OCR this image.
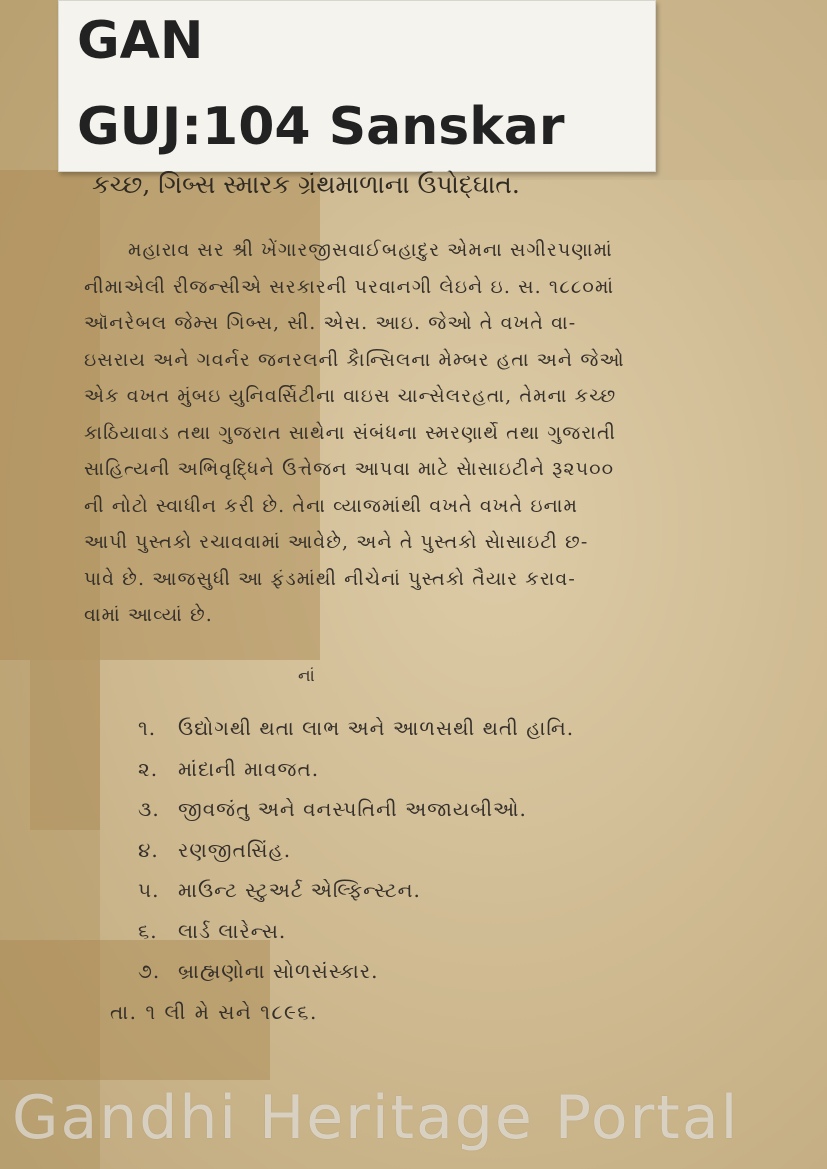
GAN
GUJ:104 Sanskar
કચ્છ, ગિબ્સ સ્મારક ગ્રંથમાળાના ઉપોદ્ઘાત.
મહારાવ સર શ્રી ખેંગારજીસવાઈબહાદુર એમના સગીરપણામાં
નીમાએલી રીજન્સીએ સરકારની પરવાનગી લેઇને ઇ. સ. ૧૮૮૦માં
ઑનરેબલ જેમ્સ ગિબ્સ, સી. એસ. આઇ. જેઓ તે વખતે વા-
ઇસરાય અને ગવર્નર જનરલની કૈાન્સિલના મેમ્બર હતા અને જેઓ
એક વખત મુંબઇ યુનિવર્સિટીના વાઇસ ચાન્સેલરહતા, તેમના કચ્છ
કાઠિયાવાડ તથા ગુજરાત સાથેના સંબંધના સ્મરણાર્થે તથા ગુજરાતી
સાહિત્યની અભિવૃદ્ધિને ઉત્તેજન આપવા માટે સેાસાઇટીને રૂ૨૫૦૦
ની નોટો સ્વાધીન કરી છે. તેના વ્યાજમાંથી વખતે વખતે ઇનામ
આપી પુસ્તકો રચાવવામાં આવેછે, અને તે પુસ્તકો સેાસાઇટી છ-
પાવે છે. આજસુધી આ ફંડમાંથી નીચેનાં પુસ્તકો તૈયાર કરાવ-
વામાં આવ્યાં છે.
નાં
૧. ઉદ્યોગથી થતા લાભ અને આળસથી થતી હાનિ.
૨. માંદાની માવજત.
૩. જીવજંતુ અને વનસ્પતિની અજાયબીઓ.
૪. રણજીતસિંહ.
૫. માઉન્ટ સ્ટુઅર્ટ એલ્ફિન્સ્ટન.
૬. લાર્ડ લારેન્સ.
૭. બ્રાહ્મણોના સોળસંસ્કાર.
તા. ૧ લી મે સને ૧૮૯૬.
Gandhi Heritage Portal
